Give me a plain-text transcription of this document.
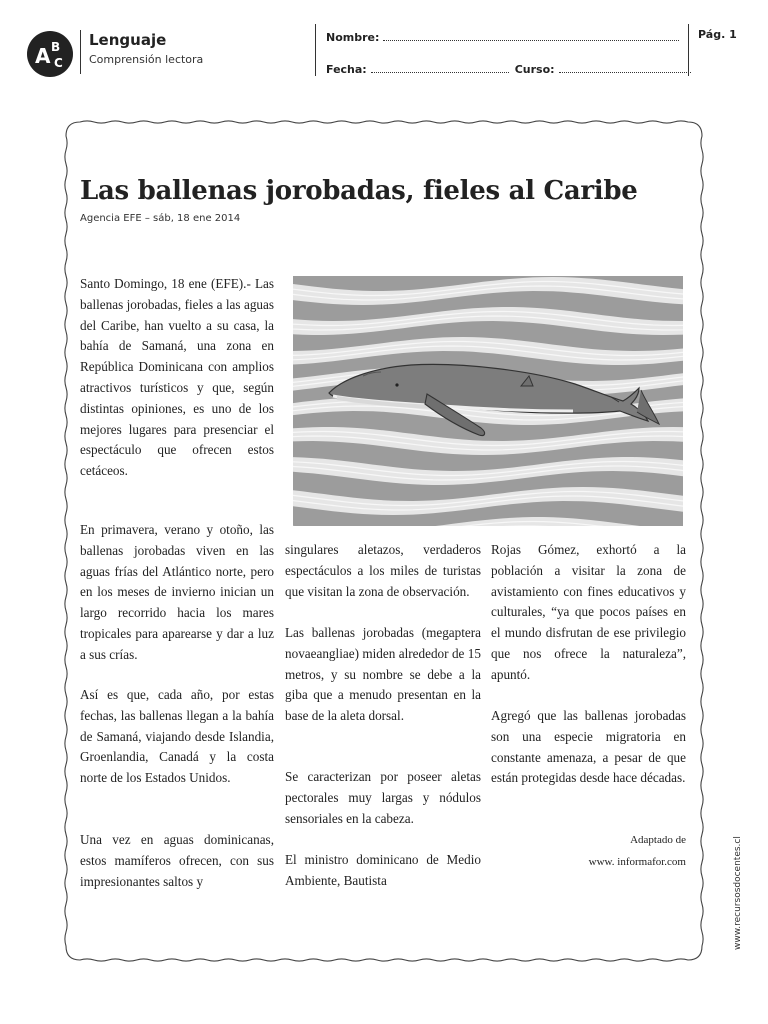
A B
C
Lenguaje
Comprensión lectora
Nombre:
Fecha:	Curso:
Pág. 1
Las ballenas jorobadas, fieles al Caribe
Agencia EFE – sáb, 18 ene 2014
Santo Domingo, 18 ene (EFE).- Las ballenas jorobadas, fieles a las aguas del Caribe, han vuelto a su casa, la bahía de Samaná, una zona en República Dominicana con amplios atractivos turísticos y que, según distintas opiniones, es uno de los mejores lugares para presenciar el espectáculo que ofrecen estos cetáceos.
En primavera, verano y otoño, las ballenas jorobadas viven en las aguas frías del Atlántico norte, pero en los meses de invierno inician un largo recorrido hacia los mares tropicales para aparearse y dar a luz a sus crías.
Así es que, cada año, por estas fechas, las ballenas llegan a la bahía de Samaná, viajando desde Islandia, Groenlandia, Canadá y la costa norte de los Estados Unidos.
Una vez en aguas dominicanas, estos mamíferos ofrecen, con sus impresionantes saltos y
singulares aletazos, verdaderos espectáculos a los miles de turistas que visitan la zona de observación.
Las ballenas jorobadas (megaptera novaeangliae) miden alrededor de 15 metros, y su nombre se debe a la giba que a menudo presentan en la base de la aleta dorsal.
Se caracterizan por poseer aletas pectorales muy largas y nódulos sensoriales en la cabeza.
El ministro dominicano de Medio Ambiente, Bautista
Rojas Gómez, exhortó a la población a visitar la zona de avistamiento con fines educativos y culturales, “ya que pocos países en el mundo disfrutan de ese privilegio que nos ofrece la naturaleza”, apuntó.
Agregó que las ballenas jorobadas son una especie migratoria en constante amenaza, a pesar de que están protegidas desde hace décadas.
Adaptado de
www. informafor.com	www.recursosdocentes.cl
